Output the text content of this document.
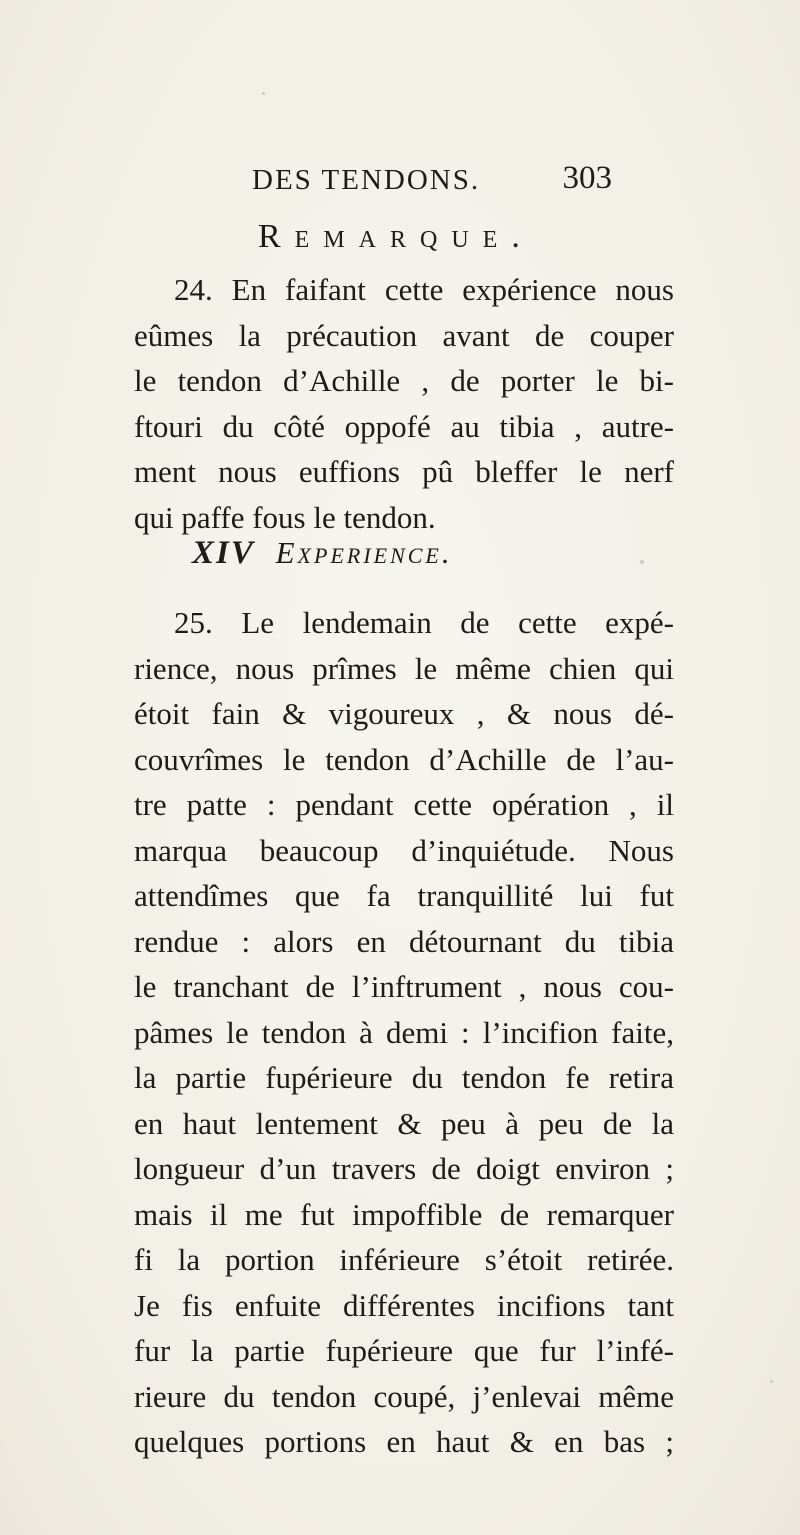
DES TENDONS. 303
Remarque.
24. En faifant cette expérience nous
eûmes la précaution avant de couper
le tendon d’Achille , de porter le bi-
ftouri du côté oppofé au tibia , autre-
ment nous euffions pû bleffer le nerf
qui paffe fous le tendon.
XIV Experience.
25. Le lendemain de cette expé-
rience, nous prîmes le même chien qui
étoit fain & vigoureux , & nous dé-
couvrîmes le tendon d’Achille de l’au-
tre patte : pendant cette opération , il
marqua beaucoup d’inquiétude. Nous
attendîmes que fa tranquillité lui fut
rendue : alors en détournant du tibia
le tranchant de l’inftrument , nous cou-
pâmes le tendon à demi : l’incifion faite,
la partie fupérieure du tendon fe retira
en haut lentement & peu à peu de la
longueur d’un travers de doigt environ ;
mais il me fut impoffible de remarquer
fi la portion inférieure s’étoit retirée.
Je fis enfuite différentes incifions tant
fur la partie fupérieure que fur l’infé-
rieure du tendon coupé, j’enlevai même
quelques portions en haut & en bas ;
